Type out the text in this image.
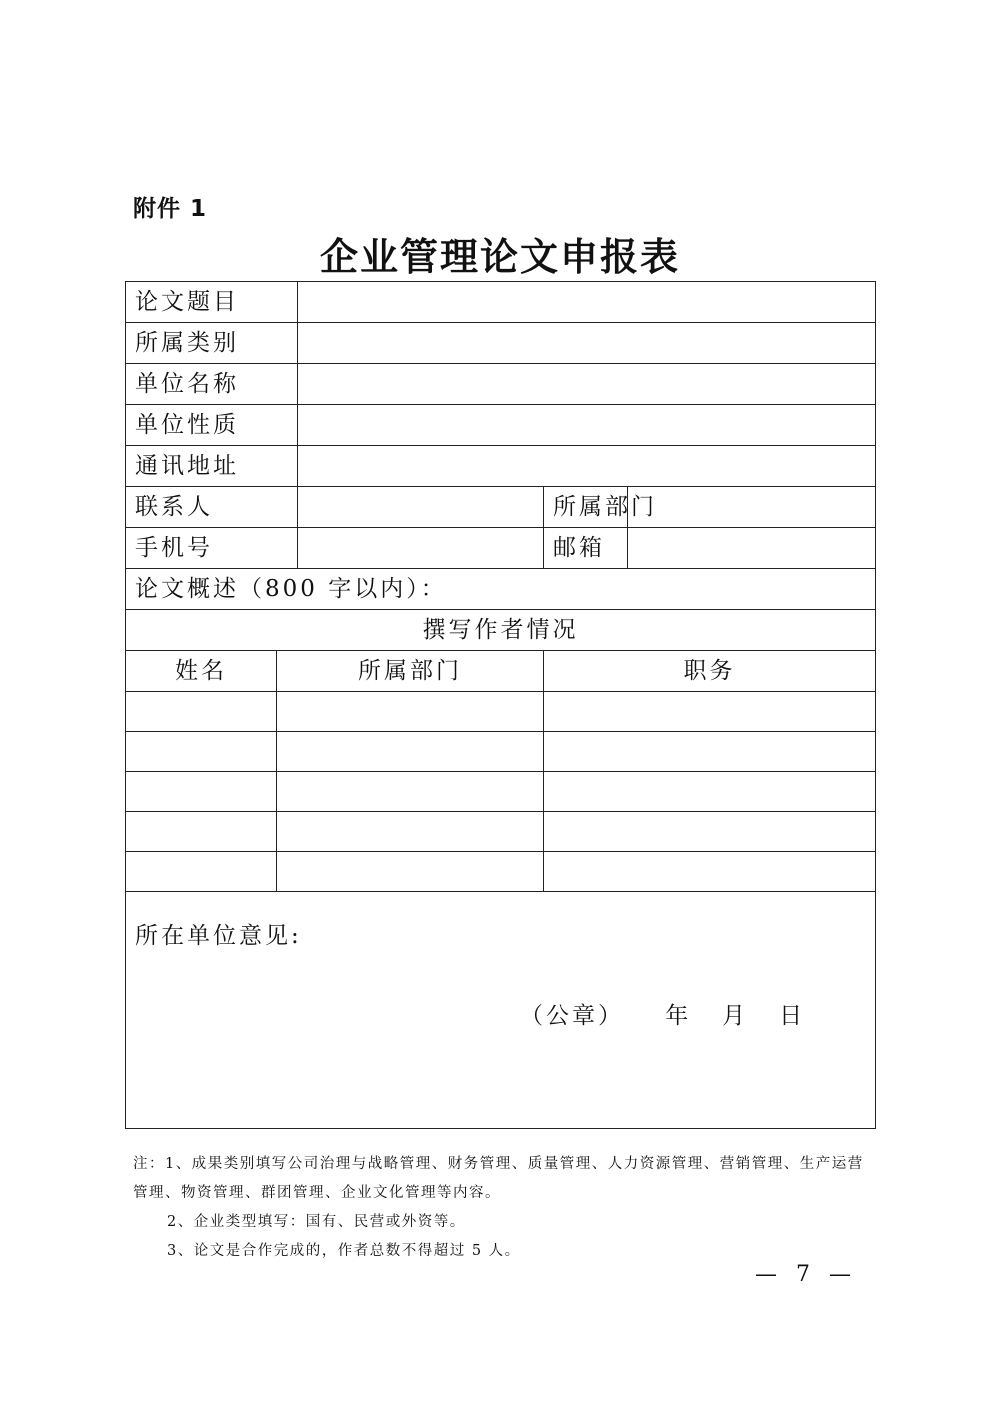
附件 1
企业管理论文申报表
论文题目				
所属类别				
单位名称				
单位性质				
通讯地址				
联系人			所属部门	
手机号			邮箱	
论文概述（800 字以内）：				
撰写作者情况				
姓名	所属部门		职务	

所在单位意见:
（公章）    年   月   日				

注：1、成果类别填写公司治理与战略管理、财务管理、质量管理、人力资源管理、营销管理、生产运营管理、物资管理、群团管理、企业文化管理等内容。

2、企业类型填写：国有、民营或外资等。

3、论文是合作完成的，作者总数不得超过 5 人。

— 7 —
